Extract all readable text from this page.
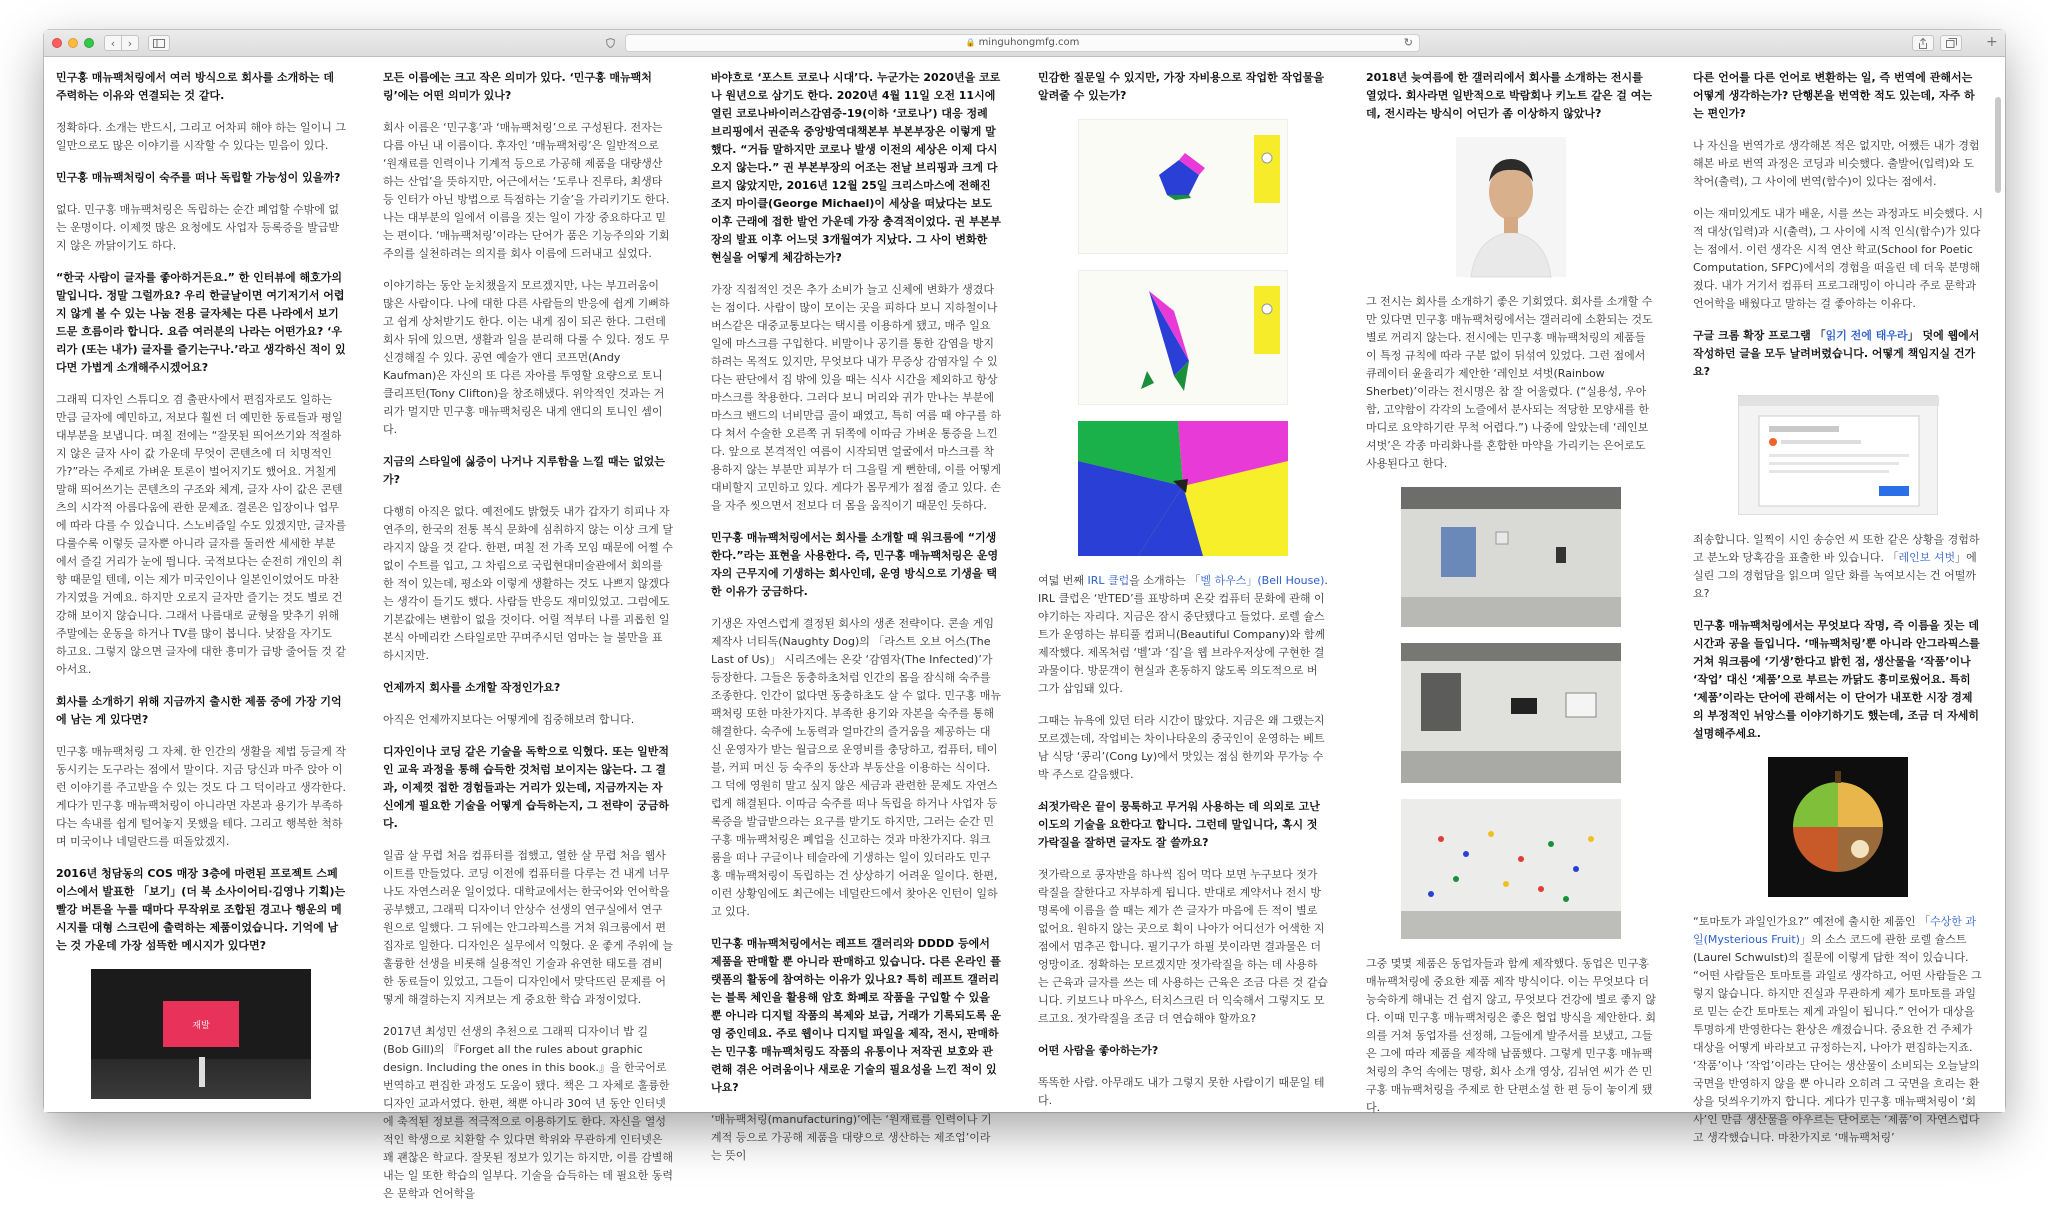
‹ ›	🔒 minguhongmfg.com	↻	+

민구홍 매뉴팩처링에서 여러 방식으로 회사를 소개하는 데 주력하는 이유와 연결되는 것 같다.

정확하다. 소개는 반드시, 그리고 어차피 해야 하는 일이니 그 일만으로도 많은 이야기를 시작할 수 있다는 믿음이 있다.

민구홍 매뉴팩처링이 숙주를 떠나 독립할 가능성이 있을까?

없다. 민구홍 매뉴팩처링은 독립하는 순간 폐업할 수밖에 없는 운명이다. 이제껏 많은 요청에도 사업자 등록증을 발급받지 않은 까닭이기도 하다.

“한국 사람이 글자를 좋아하거든요.” 한 인터뷰에 해호가의 말입니다. 정말 그럴까요? 우리 한글날이면 여기저기서 어렵지 않게 볼 수 있는 나눔 전용 글자체는 다른 나라에서 보기 드문 흐름이라 합니다. 요즘 여러분의 나라는 어떤가요? ‘우리가 (또는 내가) 글자를 즐기는구나.’라고 생각하신 적이 있다면 가볍게 소개해주시겠어요?

그래픽 디자인 스튜디오 겸 출판사에서 편집자로도 일하는 만큼 글자에 예민하고, 저보다 훨씬 더 예민한 동료들과 평일 대부분을 보냅니다. 며칠 전에는 “잘못된 띄어쓰기와 적절하지 않은 글자 사이 값 가운데 무엇이 콘텐츠에 더 치명적인가?”라는 주제로 가벼운 토론이 벌어지기도 했어요. 거칠게 말해 띄어쓰기는 콘텐츠의 구조와 체계, 글자 사이 값은 콘텐츠의 시각적 아름다움에 관한 문제죠. 결론은 입장이나 업무에 따라 다를 수 있습니다. 스노비즘일 수도 있겠지만, 글자를 다룰수록 이렇듯 글자뿐 아니라 글자를 둘러싼 세세한 부분에서 즐길 거리가 눈에 띕니다. 국적보다는 순전히 개인의 취향 때문일 텐데, 이는 제가 미국인이나 일본인이었어도 마찬가지였을 거예요. 하지만 오로지 글자만 즐기는 것도 별로 건강해 보이지 않습니다. 그래서 나름대로 균형을 맞추기 위해 주말에는 운동을 하거나 TV를 많이 봅니다. 낮잠을 자기도 하고요. 그렇지 않으면 글자에 대한 흥미가 급방 줄어들 것 같아서요.

회사를 소개하기 위해 지금까지 출시한 제품 중에 가장 기억에 남는 게 있다면?

민구홍 매뉴팩처링 그 자체. 한 인간의 생활을 제법 등글게 작동시키는 도구라는 점에서 말이다. 지금 당신과 마주 앉아 이런 이야기를 주고받을 수 있는 것도 다 그 덕이라고 생각한다. 게다가 민구홍 매뉴팩처링이 아니라면 자본과 용기가 부족하다는 속내를 쉽게 털어놓지 못했을 테다. 그리고 행복한 척하며 미국이나 네덜란드를 떠돌았겠지.

2016년 청담동의 COS 매장 3층에 마련된 프로젝트 스페이스에서 발표한 「보기」(더 북 소사이어티·김영나 기획)는 빨강 버튼을 누를 때마다 무작위로 조합된 경고나 행운의 메시지를 대형 스크린에 출력하는 제품이었습니다. 기억에 남는 것 가운데 가장 섬뜩한 메시지가 있다면?

재발

모든 이름에는 크고 작은 의미가 있다. ‘민구홍 매뉴팩처링’에는 어떤 의미가 있나?

회사 이름은 ‘민구홍’과 ‘매뉴팩처링’으로 구성된다. 전자는 다름 아닌 내 이름이다. 후자인 ‘매뉴팩처링’은 일반적으로 ‘원재료를 인력이나 기계적 등으로 가공해 제품을 대량생산하는 산업’을 뜻하지만, 어근에서는 ‘도루나 진루타, 최생타 등 인터가 아닌 방법으로 득점하는 기술’을 가리키기도 한다. 나는 대부분의 일에서 이름을 짓는 일이 가장 중요하다고 믿는 편이다. ‘매뉴팩처링’이라는 단어가 품은 기능주의와 기회주의를 실천하려는 의지를 회사 이름에 드러내고 싶었다.

이야기하는 동안 눈치챘을지 모르겠지만, 나는 부끄러움이 많은 사람이다. 나에 대한 다른 사람들의 반응에 쉽게 기뻐하고 쉽게 상처받기도 한다. 이는 내게 짐이 되곤 한다. 그런데 회사 뒤에 있으면, 생활과 일을 분리해 다룰 수 있다. 정도 무신경해질 수 있다. 공연 예술가 앤디 코프먼(Andy Kaufman)은 자신의 또 다른 자아를 투영할 요량으로 토니 클리프턴(Tony Clifton)을 창조해냈다. 위악적인 것과는 거리가 멀지만 민구홍 매뉴팩처링은 내게 앤디의 토니인 셈이다.

지금의 스타일에 싫증이 나거나 지루함을 느낄 때는 없었는가?

다행히 아직은 없다. 예전에도 밝혔듯 내가 갑자기 히피나 자연주의, 한국의 전통 복식 문화에 심취하지 않는 이상 크게 달라지지 않을 것 같다. 한편, 며칠 전 가족 모임 때문에 어쩔 수 없이 수트를 입고, 그 차림으로 국립현대미술관에서 회의를 한 적이 있는데, 평소와 이렇게 생활하는 것도 나쁘지 않겠다는 생각이 들기도 했다. 사람들 반응도 재미있었고. 그럼에도 기본값에는 변함이 없을 것이다. 어릴 적부터 나를 괴롭힌 일본식 아메리칸 스타일로만 꾸며주시던 엄마는 늘 불만을 표하시지만.

언제까지 회사를 소개할 작정인가요?

아직은 언제까지보다는 어떻게에 집중해보려 합니다.

디자인이나 코딩 같은 기술을 독학으로 익혔다. 또는 일반적인 교육 과정을 통해 습득한 것처럼 보이지는 않는다. 그 결과, 이제껏 접한 경험들과는 거리가 있는데, 지금까지는 자신에게 필요한 기술을 어떻게 습득하는지, 그 전략이 궁금하다.

일곱 살 무렵 처음 컴퓨터를 접했고, 열한 살 무렵 처음 웹사이트를 만들었다. 코딩 이전에 컴퓨터를 다루는 건 내게 너무나도 자연스러운 일이었다. 대학교에서는 한국어와 언어학을 공부했고, 그래픽 디자이너 안상수 선생의 연구실에서 연구원으로 일했다. 그 뒤에는 안그라픽스를 거쳐 워크룸에서 편집자로 일한다. 디자인은 실무에서 익혔다. 운 좋게 주위에 늘 훌륭한 선생을 비롯해 실용적인 기술과 유연한 태도를 겸비한 동료들이 있었고, 그들이 디자인에서 맞닥뜨린 문제를 어떻게 해결하는지 지켜보는 게 중요한 학습 과정이었다.

2017년 최성민 선생의 추천으로 그래픽 디자이너 밥 길(Bob Gill)의 『Forget all the rules about graphic design. Including the ones in this book.』을 한국어로 번역하고 편집한 과정도 도움이 됐다. 책은 그 자체로 훌륭한 디자인 교과서였다. 한편, 책뿐 아니라 30여 년 동안 인터넷에 축적된 정보를 적극적으로 이용하기도 한다. 자신을 열성적인 학생으로 치환할 수 있다면 학위와 무관하게 인터넷은 꽤 괜찮은 학교다. 잘못된 정보가 있기는 하지만, 이를 감별해내는 일 또한 학습의 일부다. 기술을 습득하는 데 필요한 동력은 문학과 언어학을

바야흐로 ‘포스트 코로나 시대’다. 누군가는 2020년을 코로나 원년으로 삼기도 한다. 2020년 4월 11일 오전 11시에 열린 코로나바이러스감염증-19(이하 ‘코로나’) 대응 정례 브리핑에서 권준욱 중앙방역대책본부 부본부장은 이렇게 말했다. “거듭 말하지만 코로나 발생 이전의 세상은 이제 다시 오지 않는다.” 권 부본부장의 어조는 전날 브리핑과 크게 다르지 않았지만, 2016년 12월 25일 크리스마스에 전해진 조지 마이클(George Michael)이 세상을 떠났다는 보도 이후 근래에 접한 발언 가운데 가장 충격적이었다. 권 부본부장의 발표 이후 어느덧 3개월여가 지났다. 그 사이 변화한 현실을 어떻게 체감하는가?

가장 직접적인 것은 추가 소비가 늘고 신체에 변화가 생겼다는 점이다. 사람이 많이 모이는 곳을 피하다 보니 지하철이나 버스같은 대중교통보다는 택시를 이용하게 됐고, 매주 일요일에 마스크를 구입한다. 비말이나 공기를 통한 감염을 방지하려는 목적도 있지만, 무엇보다 내가 무증상 감염자일 수 있다는 판단에서 집 밖에 있을 때는 식사 시간을 제외하고 항상 마스크를 착용한다. 그러다 보니 머리와 귀가 만나는 부분에 마스크 밴드의 너비만큼 골이 패였고, 특히 여름 때 야구를 하다 쳐서 수술한 오른쪽 귀 뒤쪽에 이따금 가벼운 통증을 느낀다. 앞으로 본격적인 여름이 시작되면 얼굴에서 마스크를 착용하지 않는 부분만 피부가 더 그을릴 게 뻔한데, 이를 어떻게 대비할지 고민하고 있다. 게다가 몸무게가 점점 줄고 있다. 손을 자주 씻으면서 전보다 더 몸을 움직이기 때문인 듯하다.

민구홍 매뉴팩처링에서는 회사를 소개할 때 워크룸에 “기생한다.”라는 표현을 사용한다. 즉, 민구홍 매뉴팩처링은 운영자의 근무지에 기생하는 회사인데, 운영 방식으로 기생을 택한 이유가 궁금하다.

기생은 자연스럽게 결정된 회사의 생존 전략이다. 콘솔 게임 제작사 너티독(Naughty Dog)의 「라스트 오브 어스(The Last of Us)」 시리즈에는 온갖 ‘감염자(The Infected)’가 등장한다. 그들은 동충하초처럼 인간의 몸을 잠식해 숙주를 조종한다. 인간이 없다면 동충하초도 살 수 없다. 민구홍 매뉴팩처링 또한 마찬가지다. 부족한 용기와 자본을 숙주를 통해 해결한다. 숙주에 노동력과 얼마간의 즐거움을 제공하는 대신 운영자가 받는 월급으로 운영비를 충당하고, 컴퓨터, 테이블, 커피 머신 등 숙주의 동산과 부동산을 이용하는 식이다. 그 덕에 영원히 말고 싶지 않은 세금과 관련한 문제도 자연스럽게 해결된다. 이따금 숙주를 떠나 독립을 하거나 사업자 등록증을 발급받으라는 요구를 받기도 하지만, 그러는 순간 민구홍 매뉴팩처링은 폐업을 신고하는 것과 마찬가지다. 워크룸을 떠나 구글이나 테슬라에 기생하는 일이 있더라도 민구홍 매뉴팩처링이 독립하는 건 상상하기 어려운 일이다. 한편, 이런 상황임에도 최근에는 네덜란드에서 찾아온 인턴이 일하고 있다.

민구홍 매뉴팩처링에서는 레프트 갤러리와 DDDD 등에서 제품을 판매할 뿐 아니라 판매하고 있습니다. 다른 온라인 플랫폼의 활동에 참여하는 이유가 있나요? 특히 레프트 갤러리는 블록 체인을 활용해 암호 화폐로 작품을 구입할 수 있을 뿐 아니라 디지털 작품의 복제와 보급, 거래가 기록되도록 운영 중인데요. 주로 웹이나 디지털 파일을 제작, 전시, 판매하는 민구홍 매뉴팩처링도 작품의 유통이나 저작권 보호와 관련해 겪은 어려움이나 새로운 기술의 필요성을 느낀 적이 있나요?

‘매뉴팩처링(manufacturing)’에는 ‘원재료를 인력이나 기계적 등으로 가공해 제품을 대량으로 생산하는 제조업’이라는 뜻이

민감한 질문일 수 있지만, 가장 자비용으로 작업한 작업물을 알려줄 수 있는가?

여덟 번째 IRL 클럽을 소개하는 「벨 하우스」(Bell House). IRL 클럽은 ‘반TED’를 표방하며 온갖 컴퓨터 문화에 관해 이야기하는 자리다. 지금은 잠시 중단됐다고 들었다. 로렐 슐스트가 운영하는 뷰티풀 컴퍼니(Beautiful Company)와 함께 제작했다. 제목처럼 ‘벨’과 ‘집’을 웹 브라우저상에 구현한 결과물이다. 방문객이 현실과 혼동하지 않도록 의도적으로 버그가 삽입돼 있다.

그때는 뉴욕에 있던 터라 시간이 많았다. 지금은 왜 그랬는지 모르겠는데, 작업비는 차이나타운의 중국인이 운영하는 베트남 식당 ‘콩리’(Cong Ly)에서 맛있는 점심 한끼와 무가능 수박 주스로 갈음했다.

쇠젓가락은 끝이 뭉툭하고 무거워 사용하는 데 의외로 고난이도의 기술을 요한다고 합니다. 그런데 말입니다, 혹시 젓가락질을 잘하면 글자도 잘 쓸까요?

젓가락으로 콩자반을 하나씩 집어 먹다 보면 누구보다 젓가락질을 잘한다고 자부하게 됩니다. 반대로 계약서나 전시 방명록에 이름을 쓸 때는 제가 쓴 글자가 마음에 든 적이 별로 없어요. 원하지 않는 곳으로 획이 나아가 어디선가 어색한 지점에서 멈추곤 합니다. 필기구가 하필 붓이라면 결과물은 더 엉망이죠. 정확하는 모르겠지만 젓가락질을 하는 데 사용하는 근육과 글자를 쓰는 데 사용하는 근육은 조금 다른 것 같습니다. 키보드나 마우스, 터치스크린 더 익숙해서 그렇지도 모르고요. 젓가락질을 조금 더 연습해야 할까요?

어떤 사람을 좋아하는가?

똑똑한 사람. 아무래도 내가 그렇지 못한 사람이기 때문일 테다.

2018년 늦여름에 한 갤러리에서 회사를 소개하는 전시를 열었다. 회사라면 일반적으로 박람회나 키노트 같은 걸 여는데, 전시라는 방식이 어딘가 좀 이상하지 않았나?

그 전시는 회사를 소개하기 좋은 기회였다. 회사를 소개할 수만 있다면 민구홍 매뉴팩처링에서는 갤러리에 소환되는 것도 별로 꺼리지 않는다. 전시에는 민구홍 매뉴팩처링의 제품들이 특정 규칙에 따라 구분 없이 뒤섞여 있었다. 그런 점에서 큐레이터 윤율리가 제안한 ‘레인보 셔벗(Rainbow Sherbet)’이라는 전시명은 참 잘 어울렸다. (“실용성, 우아함, 고약함이 각각의 노즐에서 분사되는 적당한 모양새를 한마디로 요약하기란 무척 어렵다.”) 나중에 알았는데 ‘레인보 셔벗’은 각종 마리화나를 혼합한 마약을 가리키는 은어로도 사용된다고 한다.

그중 몇몇 제품은 동업자들과 함께 제작했다. 동업은 민구홍 매뉴팩처링에 중요한 제품 제작 방식이다. 이는 무엇보다 더 능숙하게 해내는 건 쉽지 않고, 무엇보다 건강에 별로 좋지 않다. 이때 민구홍 매뉴팩처링은 좋은 협업 방식을 제안한다. 회의를 거쳐 동업자를 선정해, 그들에게 발주서를 보냈고, 그들은 그에 따라 제품을 제작해 납품했다. 그렇게 민구홍 매뉴팩처링의 추억 속에는 명랑, 회사 소개 영상, 김뉘연 씨가 쓴 민구홍 매뉴팩처링을 주제로 한 단편소설 한 편 등이 놓이게 됐다.

다른 언어를 다른 언어로 변환하는 일, 즉 번역에 관해서는 어떻게 생각하는가? 단행본을 번역한 적도 있는데, 자주 하는 편인가?

나 자신을 번역가로 생각해본 적은 없지만, 어쨌든 내가 경험해본 바로 번역 과정은 코딩과 비슷했다. 출발어(입력)와 도착어(출력), 그 사이에 번역(함수)이 있다는 점에서.

이는 재미있게도 내가 배운, 시를 쓰는 과정과도 비슷했다. 시적 대상(입력)과 시(출력), 그 사이에 시적 인식(함수)가 있다는 점에서. 이런 생각은 시적 연산 학교(School for Poetic Computation, SFPC)에서의 경험을 떠올린 데 더욱 분명해졌다. 내가 거기서 컴퓨터 프로그래밍이 아니라 주로 문학과 언어학을 배웠다고 말하는 걸 좋아하는 이유다.

구글 크롬 확장 프로그램 「읽기 전에 태우라」 덧에 웹에서 작성하던 글을 모두 날려버렸습니다. 어떻게 책임지실 건가요?

죄송합니다. 일찍이 시인 송승언 씨 또한 같은 상황을 경험하고 분노와 당혹감을 표출한 바 있습니다. 「레인보 셔벗」에 실린 그의 경험담을 읽으며 일단 화를 녹여보시는 건 어떨까요?

민구홍 매뉴팩처링에서는 무엇보다 작명, 즉 이름을 짓는 데 시간과 공을 들입니다. ‘매뉴팩처링’뿐 아니라 안그라픽스를 거쳐 워크룸에 ‘기생’한다고 밝힌 점, 생산물을 ‘작품’이나 ‘작업’ 대신 ‘제품’으로 부르는 까닭도 흥미로웠어요. 특히 ‘제품’이라는 단어에 관해서는 이 단어가 내포한 시장 경제의 부정적인 뉘앙스를 이야기하기도 했는데, 조금 더 자세히 설명해주세요.

“토마토가 과일인가요?” 예전에 출시한 제품인 「수상한 과일(Mysterious Fruit)」의 소스 코드에 관한 로렐 슐스트(Laurel Schwulst)의 질문에 이렇게 답한 적이 있습니다. “어떤 사람들은 토마토를 과일로 생각하고, 어떤 사람들은 그렇지 않습니다. 하지만 진실과 무관하게 제가 토마토를 과일로 믿는 순간 토마토는 제게 과일이 됩니다.” 언어가 대상을 투명하게 반영한다는 환상은 깨졌습니다. 중요한 건 주체가 대상을 어떻게 바라보고 규정하는지, 나아가 편집하는지죠. ‘작품’이나 ‘작업’이라는 단어는 생산물이 소비되는 오늘날의 국면을 반영하지 않을 뿐 아니라 오히려 그 국면을 흐리는 환상을 덧씌우기까지 합니다. 게다가 민구홍 매뉴팩처링이 ‘회사’인 만큼 생산물을 아우르는 단어로는 ‘제품’이 자연스럽다고 생각했습니다. 마찬가지로 ‘매뉴팩처링’
